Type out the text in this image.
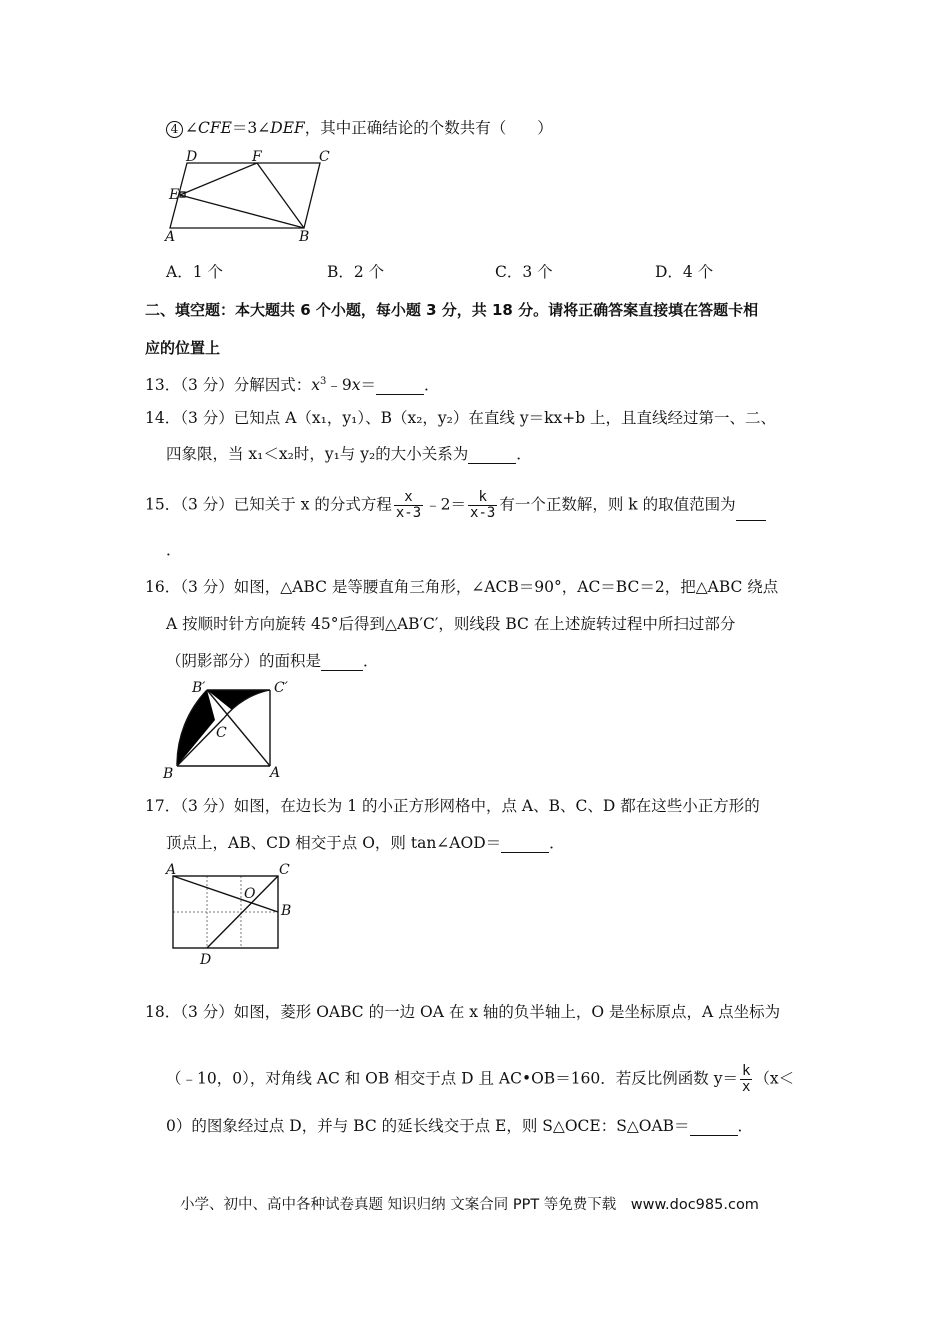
4 ∠CFE＝3∠DEF，其中正确结论的个数共有（　　）
D	F	C
E
A	B
A．1 个	B．2 个	C．3 个	D．4 个
二、填空题：本大题共 6 个小题，每小题 3 分，共 18 分。请将正确答案直接填在答题卡相
应的位置上
13．（3 分）分解因式：$x^3﹣9x=$	．
14．（3 分）已知点 A（x₁，y₁）、B（x₂，y₂）在直线 y＝kx+b 上，且直线经过第一、二、
四象限，当 x₁＜x₂时，y₁与 y₂的大小关系为	．
15．（3 分）已知关于 x 的分式方程 $\frac{x}{x-3}$ ﹣2＝ $\frac{k}{x-3}$ 有一个正数解，则 k 的取值范围为
．
16．（3 分）如图，△ABC 是等腰直角三角形，∠ACB＝90°，AC＝BC＝2，把△ABC 绕点
A 按顺时针方向旋转 45°后得到△AB′C′，则线段 BC 在上述旋转过程中所扫过部分
（阴影部分）的面积是	．
B′	C′
C
B	A
17．（3 分）如图，在边长为 1 的小正方形网格中，点 A、B、C、D 都在这些小正方形的
顶点上，AB、CD 相交于点 O，则 tan∠AOD＝	．
A	C
O
B
D
18．（3 分）如图，菱形 OABC 的一边 OA 在 x 轴的负半轴上，O 是坐标原点，A 点坐标为
（﹣10，0），对角线 AC 和 OB 相交于点 D 且 AC•OB＝160．若反比例函数 $y= \frac{k}{x} (x<$
0）的图象经过点 D，并与 BC 的延长线交于点 E，则 S△OCE：S△OAB＝	．
小学、初中、高中各种试卷真题 知识归纳 文案合同 PPT 等免费下载　www.doc985.com
